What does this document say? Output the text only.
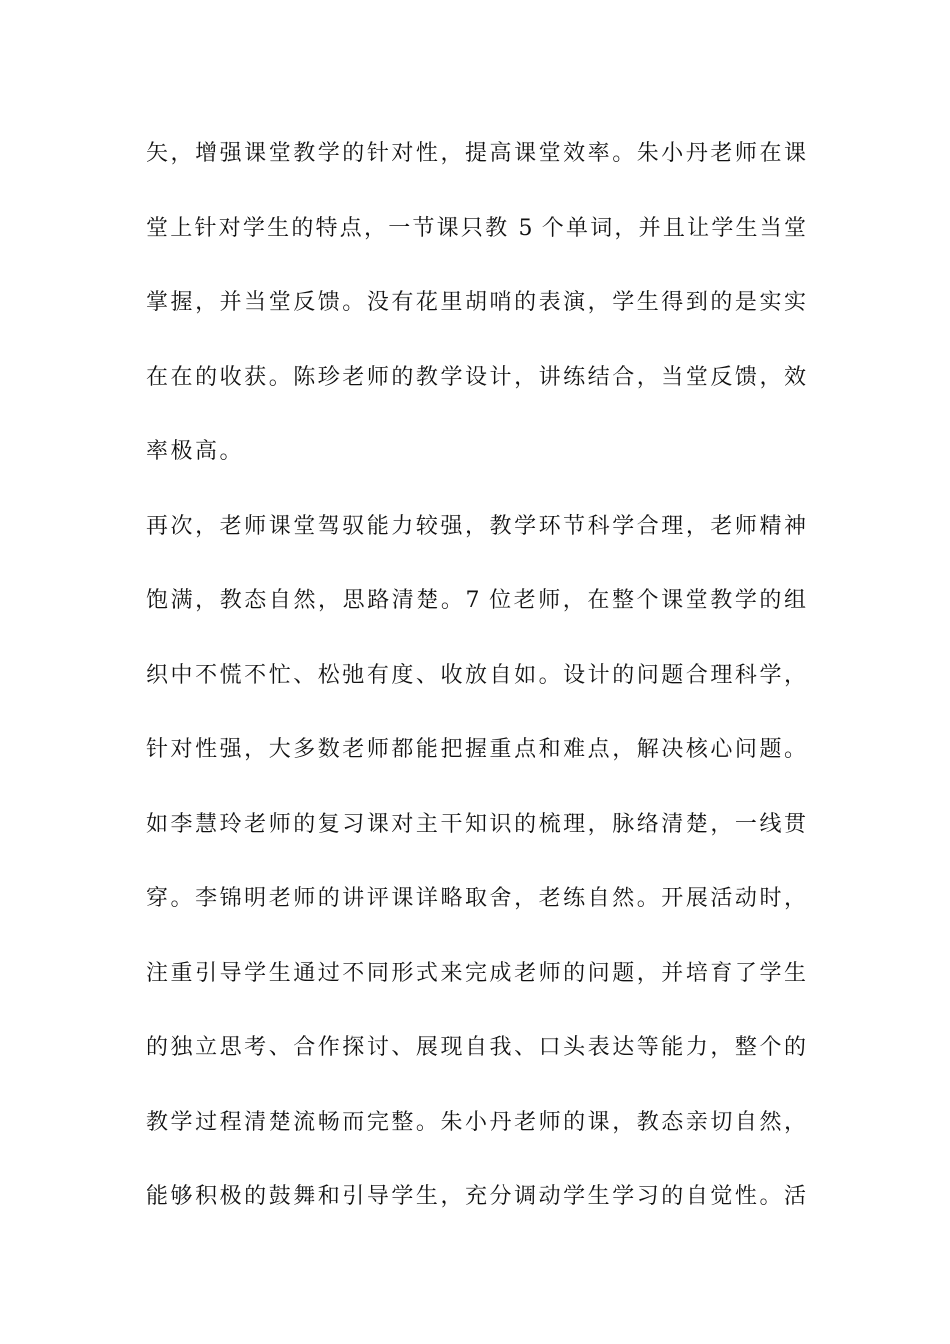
矢，增强课堂教学的针对性，提高课堂效率。朱小丹老师在课
堂上针对学生的特点，一节课只教 5 个单词，并且让学生当堂
掌握，并当堂反馈。没有花里胡哨的表演，学生得到的是实实
在在的收获。陈珍老师的教学设计，讲练结合，当堂反馈，效
率极高。
再次，老师课堂驾驭能力较强，教学环节科学合理，老师精神
饱满，教态自然，思路清楚。7 位老师，在整个课堂教学的组
织中不慌不忙、松弛有度、收放自如。设计的问题合理科学，
针对性强，大多数老师都能把握重点和难点，解决核心问题。
如李慧玲老师的复习课对主干知识的梳理，脉络清楚，一线贯
穿。李锦明老师的讲评课详略取舍，老练自然。开展活动时，
注重引导学生通过不同形式来完成老师的问题，并培育了学生
的独立思考、合作探讨、展现自我、口头表达等能力，整个的
教学过程清楚流畅而完整。朱小丹老师的课，教态亲切自然，
能够积极的鼓舞和引导学生，充分调动学生学习的自觉性。活
